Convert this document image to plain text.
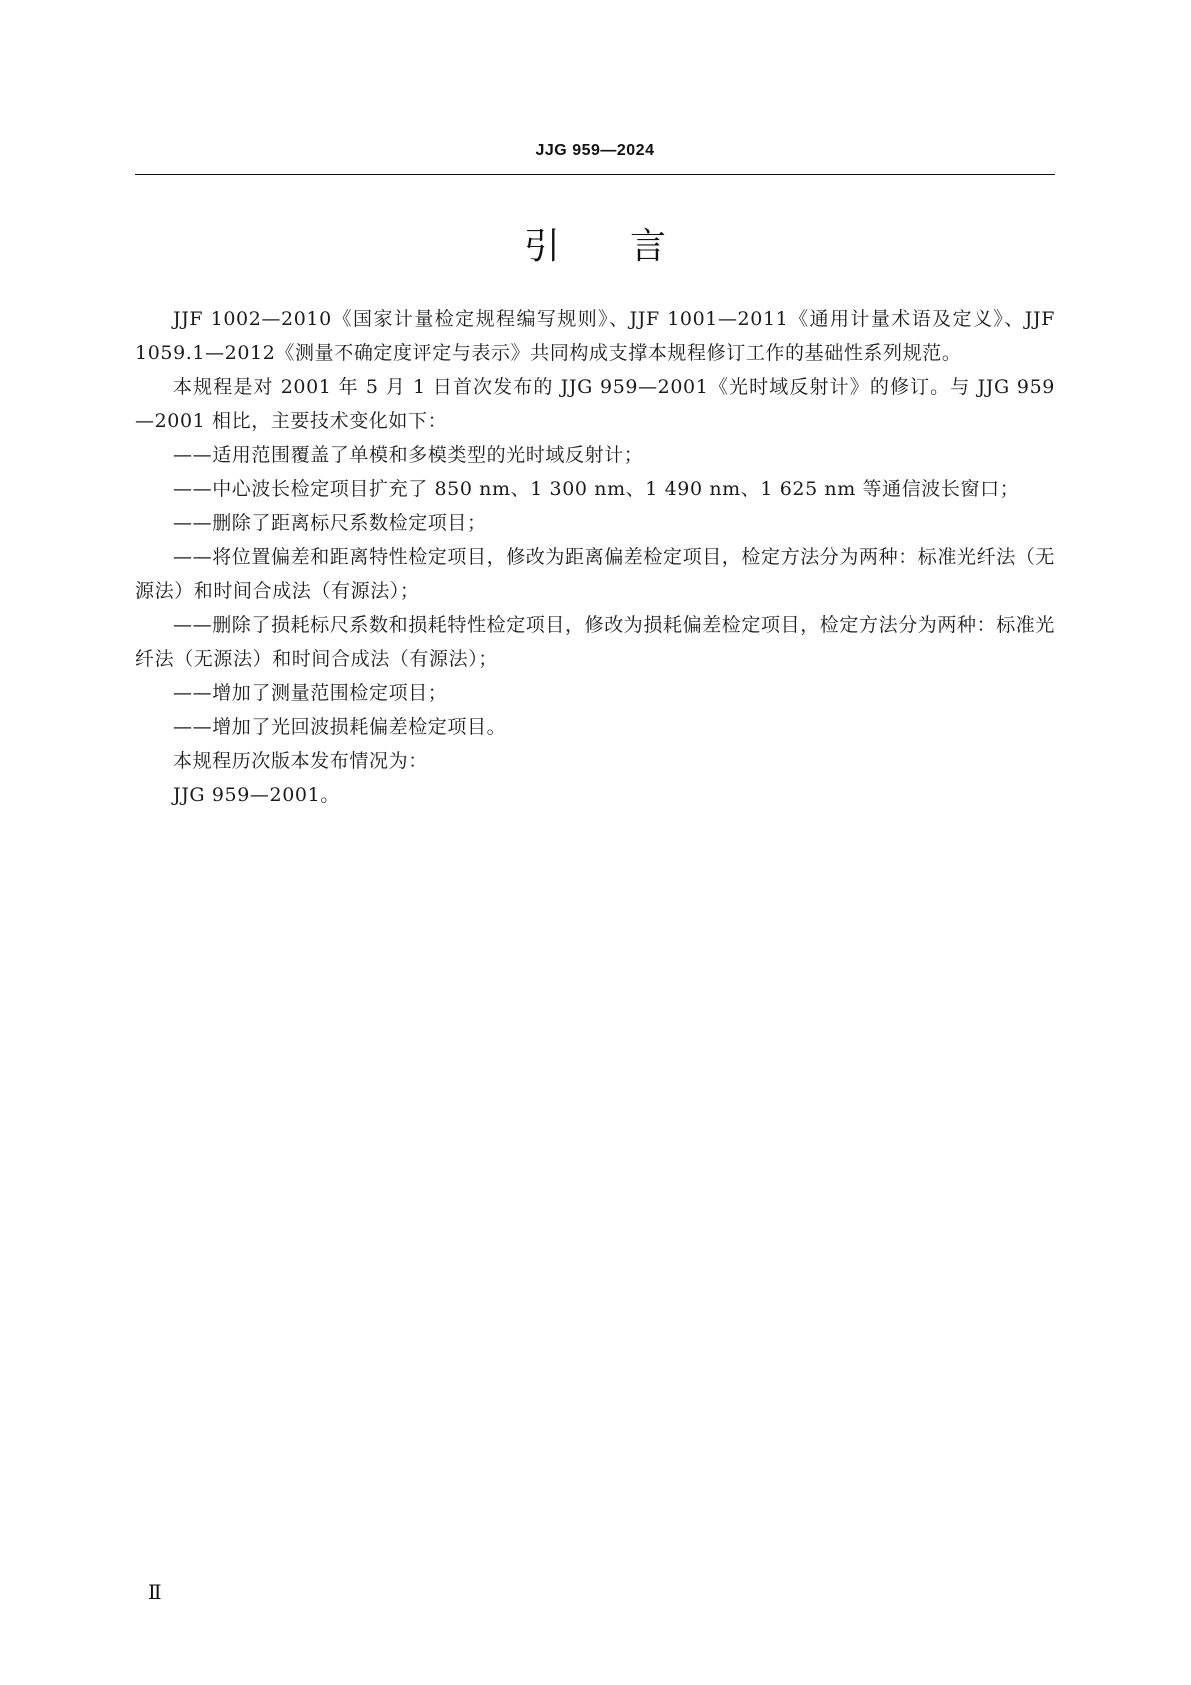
JJG 959—2024
引言

JJF 1002—2010《国家计量检定规程编写规则》、JJF 1001—2011《通用计量术语及定义》、JJF 1059.1—2012《测量不确定度评定与表示》共同构成支撑本规程修订工作的基础性系列规范。

本规程是对 2001 年 5 月 1 日首次发布的 JJG 959—2001《光时域反射计》的修订。与 JJG 959—2001 相比，主要技术变化如下：

——适用范围覆盖了单模和多模类型的光时域反射计；

——中心波长检定项目扩充了 850 nm、1 300 nm、1 490 nm、1 625 nm 等通信波长窗口；

——删除了距离标尺系数检定项目；

——将位置偏差和距离特性检定项目，修改为距离偏差检定项目，检定方法分为两种：标准光纤法（无源法）和时间合成法（有源法）；

——删除了损耗标尺系数和损耗特性检定项目，修改为损耗偏差检定项目，检定方法分为两种：标准光纤法（无源法）和时间合成法（有源法）；

——增加了测量范围检定项目；

——增加了光回波损耗偏差检定项目。

本规程历次版本发布情况为：

JJG 959—2001。

Ⅱ
